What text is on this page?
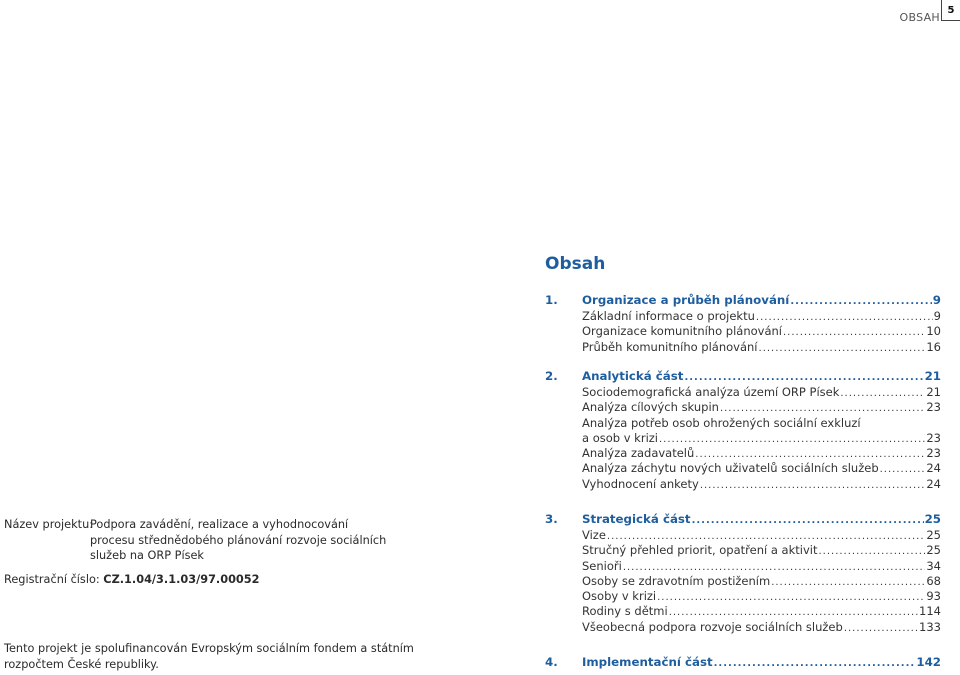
OBSAH
5
Obsah
1.	Organizace a průběh plánování .....	9
Základní informace o projektu .....	9
Organizace komunitního plánování .....	10
Průběh komunitního plánování .....	16
2.	Analytická část .....	21
Sociodemografická analýza území ORP Písek .....	21
Analýza cílových skupin .....	23
Analýza potřeb osob ohrožených sociální exkluzí
a osob v krizi .....	23
Analýza zadavatelů .....	23
Analýza záchytu nových uživatelů sociálních služeb .....	24
Vyhodnocení ankety .....	24
3.	Strategická část .....	25
Vize .....	25
Stručný přehled priorit, opatření a aktivit .....	25
Senioři .....	34
Osoby se zdravotním postižením .....	68
Osoby v krizi .....	93
Rodiny s dětmi .....	114
Všeobecná podpora rozvoje sociálních služeb .....	133
4.	Implementační část .....	142
Název projektu:
Podpora zavádění, realizace a vyhodnocování procesu střednědobého plánování rozvoje sociálních služeb na ORP Písek
Registrační číslo: CZ.1.04/3.1.03/97.00052
Tento projekt je spolufinancován Evropským sociálním fondem a státním rozpočtem České republiky.
